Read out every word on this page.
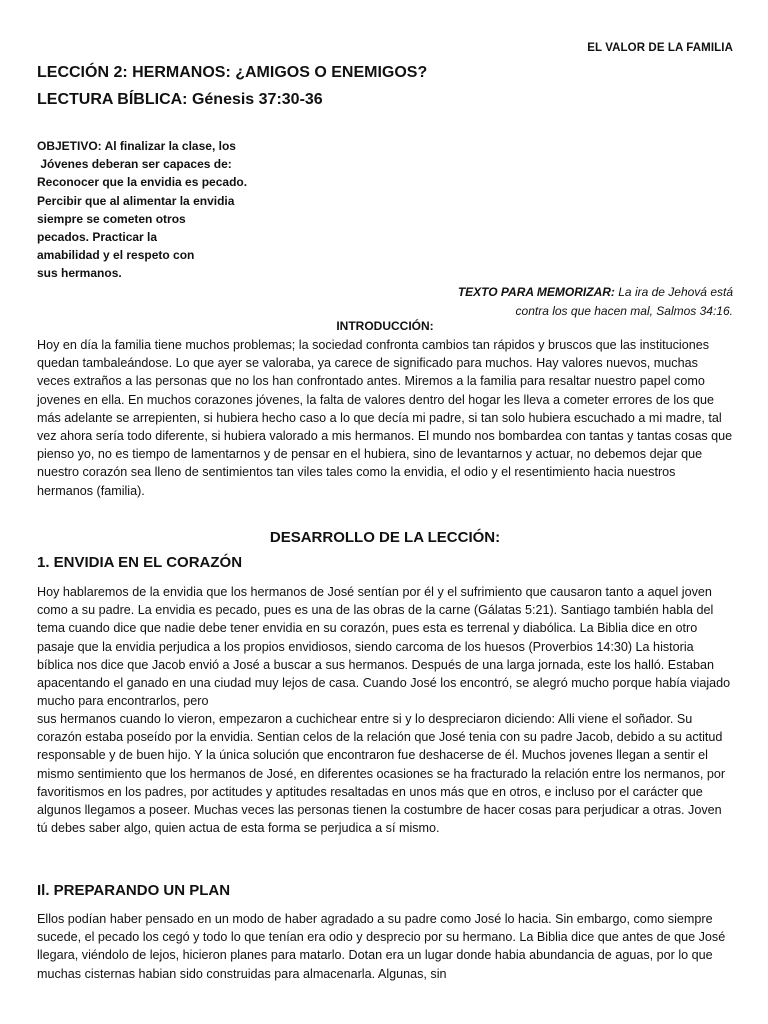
EL VALOR DE LA FAMILIA
LECCIÓN 2: HERMANOS: ¿AMIGOS O ENEMIGOS?
LECTURA BÍBLICA: Génesis 37:30-36

OBJETIVO: Al finalizar la clase, los
Jóvenes deberan ser capaces de:
Reconocer que la envidia es pecado.
Percibir que al alimentar la envidia
siempre se cometen otros
pecados. Practicar la
amabilidad y el respeto con
sus hermanos.

TEXTO PARA MEMORIZAR: La ira de Jehová está contra los que hacen mal, Salmos 34:16.
INTRODUCCIÓN:

Hoy en día la familia tiene muchos problemas; la sociedad confronta cambios tan rápidos y bruscos que las instituciones quedan tambaleándose. Lo que ayer se valoraba, ya carece de significado para muchos. Hay valores nuevos, muchas veces extraños a las personas que no los han confrontado antes. Miremos a la familia para resaltar nuestro papel como jovenes en ella. En muchos corazones jóvenes, la falta de valores dentro del hogar les lleva a cometer errores de los que más adelante se arrepienten, si hubiera hecho caso a lo que decía mi padre, si tan solo hubiera escuchado a mi madre, tal vez ahora sería todo diferente, si hubiera valorado a mis hermanos. El mundo nos bombardea con tantas y tantas cosas que pienso yo, no es tiempo de lamentarnos y de pensar en el hubiera, sino de levantarnos y actuar, no debemos dejar que nuestro corazón sea lleno de sentimientos tan viles tales como la envidia, el odio y el resentimiento hacia nuestros hermanos (familia).

DESARROLLO DE LA LECCIÓN:
1. ENVIDIA EN EL CORAZÓN

Hoy hablaremos de la envidia que los hermanos de José sentían por él y el sufrimiento que causaron tanto a aquel joven como a su padre. La envidia es pecado, pues es una de las obras de la carne (Gálatas 5:21). Santiago también habla del tema cuando dice que nadie debe tener envidia en su corazón, pues esta es terrenal y diabólica. La Biblia dice en otro pasaje que la envidia perjudica a los propios envidiosos, siendo carcoma de los huesos (Proverbios 14:30) La historia bíblica nos dice que Jacob envió a José a buscar a sus hermanos. Después de una larga jornada, este los halló. Estaban apacentando el ganado en una ciudad muy lejos de casa. Cuando José los encontró, se alegró mucho porque había viajado mucho para encontrarlos, pero

sus hermanos cuando lo vieron, empezaron a cuchichear entre si y lo despreciaron diciendo: Alli viene el soñador. Su corazón estaba poseído por la envidia. Sentian celos de la relación que José tenia con su padre Jacob, debido a su actitud responsable y de buen hijo. Y la única solución que encontraron fue deshacerse de él. Muchos jovenes llegan a sentir el mismo sentimiento que los hermanos de José, en diferentes ocasiones se ha fracturado la relación entre los nermanos, por favoritismos en los padres, por actitudes y aptitudes resaltadas en unos más que en otros, e incluso por el carácter que algunos llegamos a poseer. Muchas veces las personas tienen la costumbre de hacer cosas para perjudicar a otras. Joven tú debes saber algo, quien actua de esta forma se perjudica a sí mismo.

Il. PREPARANDO UN PLAN

Ellos podían haber pensado en un modo de haber agradado a su padre como José lo hacia. Sin embargo, como siempre sucede, el pecado los cegó y todo lo que tenían era odio y desprecio por su hermano. La Biblia dice que antes de que José llegara, viéndolo de lejos, hicieron planes para matarlo. Dotan era un lugar donde habia abundancia de aguas, por lo que muchas cisternas habian sido construidas para almacenarla. Algunas, sin
